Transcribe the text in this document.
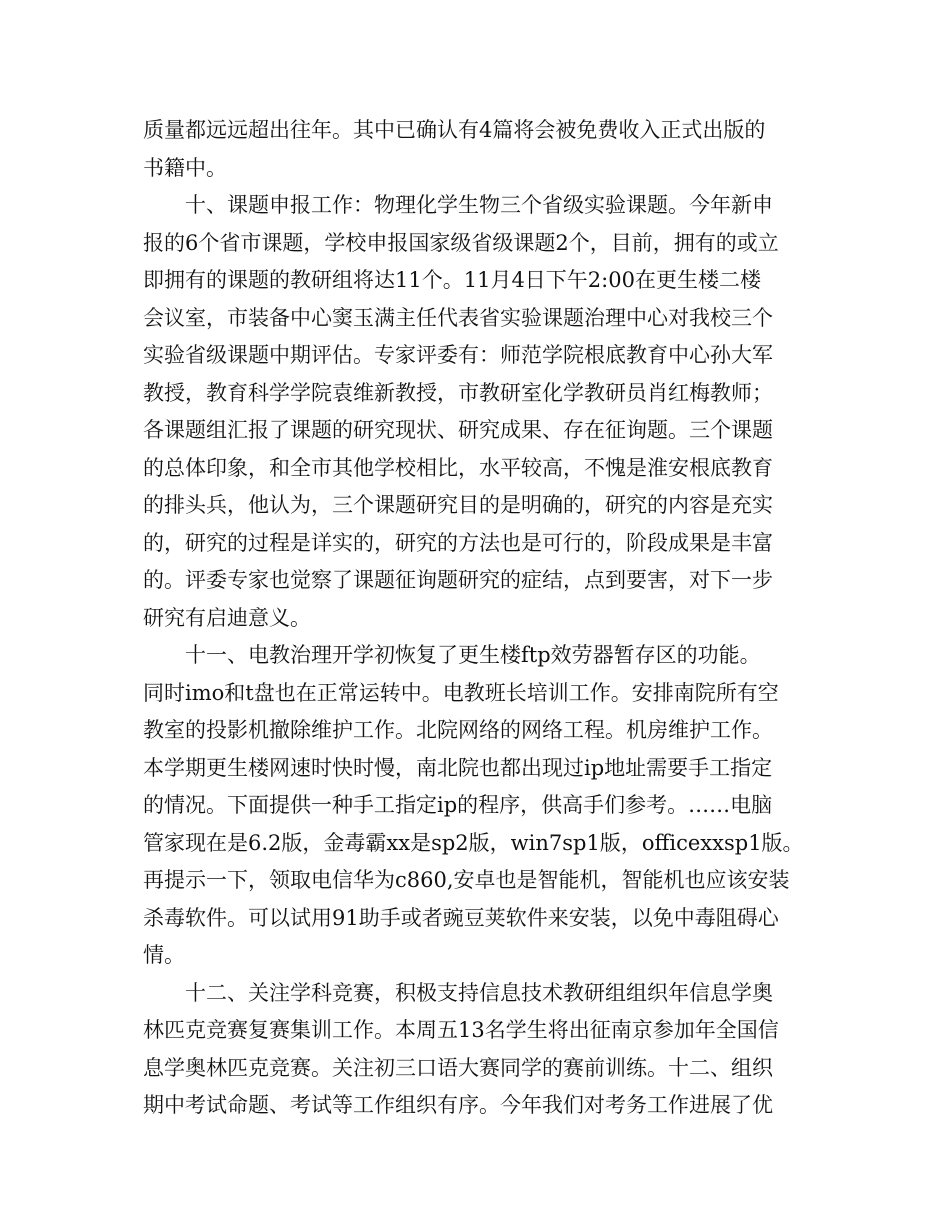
质量都远远超出往年。其中已确认有4篇将会被免费收入正式出版的
书籍中。
十、课题申报工作：物理化学生物三个省级实验课题。今年新申
报的6个省市课题，学校申报国家级省级课题2个，目前，拥有的或立
即拥有的课题的教研组将达11个。11月4日下午2:00在更生楼二楼
会议室，市装备中心窦玉满主任代表省实验课题治理中心对我校三个
实验省级课题中期评估。专家评委有：师范学院根底教育中心孙大军
教授，教育科学学院袁维新教授，市教研室化学教研员肖红梅教师；
各课题组汇报了课题的研究现状、研究成果、存在征询题。三个课题
的总体印象，和全市其他学校相比，水平较高，不愧是淮安根底教育
的排头兵，他认为，三个课题研究目的是明确的，研究的内容是充实
的，研究的过程是详实的，研究的方法也是可行的，阶段成果是丰富
的。评委专家也觉察了课题征询题研究的症结，点到要害，对下一步
研究有启迪意义。
十一、电教治理开学初恢复了更生楼ftp效劳器暂存区的功能。
同时imo和t盘也在正常运转中。电教班长培训工作。安排南院所有空
教室的投影机撤除维护工作。北院网络的网络工程。机房维护工作。
本学期更生楼网速时快时慢，南北院也都出现过ip地址需要手工指定
的情况。下面提供一种手工指定ip的程序，供高手们参考。……电脑
管家现在是6.2版，金毒霸xx是sp2版，win7sp1版，officexxsp1版。
再提示一下，领取电信华为c860,安卓也是智能机，智能机也应该安装
杀毒软件。可以试用91助手或者豌豆荚软件来安装，以免中毒阻碍心
情。
十二、关注学科竞赛，积极支持信息技术教研组组织年信息学奥
林匹克竞赛复赛集训工作。本周五13名学生将出征南京参加年全国信
息学奥林匹克竞赛。关注初三口语大赛同学的赛前训练。十二、组织
期中考试命题、考试等工作组织有序。今年我们对考务工作进展了优
